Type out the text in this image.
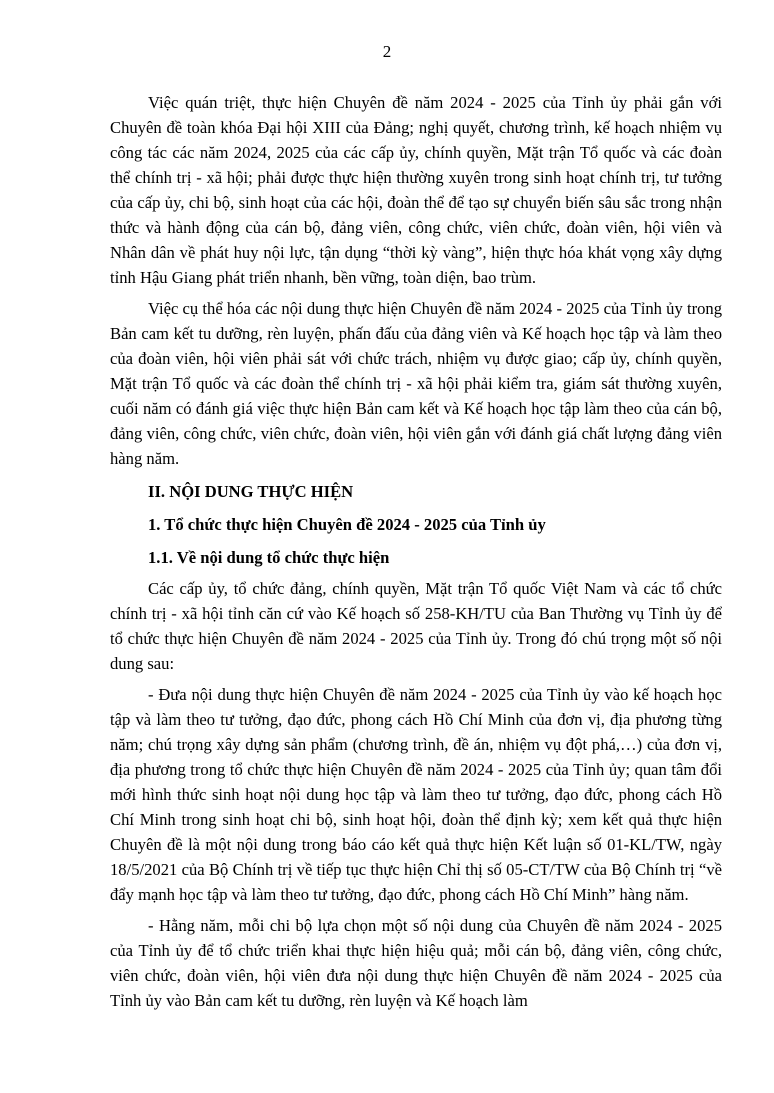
2

Việc quán triệt, thực hiện Chuyên đề năm 2024 - 2025 của Tỉnh ủy phải gắn với Chuyên đề toàn khóa Đại hội XIII của Đảng; nghị quyết, chương trình, kế hoạch nhiệm vụ công tác các năm 2024, 2025 của các cấp ủy, chính quyền, Mặt trận Tổ quốc và các đoàn thể chính trị - xã hội; phải được thực hiện thường xuyên trong sinh hoạt chính trị, tư tưởng của cấp ủy, chi bộ, sinh hoạt của các hội, đoàn thể để tạo sự chuyển biến sâu sắc trong nhận thức và hành động của cán bộ, đảng viên, công chức, viên chức, đoàn viên, hội viên và Nhân dân về phát huy nội lực, tận dụng “thời kỳ vàng”, hiện thực hóa khát vọng xây dựng tỉnh Hậu Giang phát triển nhanh, bền vững, toàn diện, bao trùm.

Việc cụ thể hóa các nội dung thực hiện Chuyên đề năm 2024 - 2025 của Tỉnh ủy trong Bản cam kết tu dưỡng, rèn luyện, phấn đấu của đảng viên và Kế hoạch học tập và làm theo của đoàn viên, hội viên phải sát với chức trách, nhiệm vụ được giao; cấp ủy, chính quyền, Mặt trận Tổ quốc và các đoàn thể chính trị - xã hội phải kiểm tra, giám sát thường xuyên, cuối năm có đánh giá việc thực hiện Bản cam kết và Kế hoạch học tập làm theo của cán bộ, đảng viên, công chức, viên chức, đoàn viên, hội viên gắn với đánh giá chất lượng đảng viên hàng năm.

II. NỘI DUNG THỰC HIỆN
1. Tổ chức thực hiện Chuyên đề 2024 - 2025 của Tỉnh ủy
1.1. Về nội dung tổ chức thực hiện

Các cấp ủy, tổ chức đảng, chính quyền, Mặt trận Tổ quốc Việt Nam và các tổ chức chính trị - xã hội tỉnh căn cứ vào Kế hoạch số 258-KH/TU của Ban Thường vụ Tỉnh ủy để tổ chức thực hiện Chuyên đề năm 2024 - 2025 của Tỉnh ủy. Trong đó chú trọng một số nội dung sau:

- Đưa nội dung thực hiện Chuyên đề năm 2024 - 2025 của Tỉnh ủy vào kế hoạch học tập và làm theo tư tưởng, đạo đức, phong cách Hồ Chí Minh của đơn vị, địa phương từng năm; chú trọng xây dựng sản phẩm (chương trình, đề án, nhiệm vụ đột phá,…) của đơn vị, địa phương trong tổ chức thực hiện Chuyên đề năm 2024 - 2025 của Tỉnh ủy; quan tâm đổi mới hình thức sinh hoạt nội dung học tập và làm theo tư tưởng, đạo đức, phong cách Hồ Chí Minh trong sinh hoạt chi bộ, sinh hoạt hội, đoàn thể định kỳ; xem kết quả thực hiện Chuyên đề là một nội dung trong báo cáo kết quả thực hiện Kết luận số 01-KL/TW, ngày 18/5/2021 của Bộ Chính trị về tiếp tục thực hiện Chỉ thị số 05-CT/TW của Bộ Chính trị “về đẩy mạnh học tập và làm theo tư tưởng, đạo đức, phong cách Hồ Chí Minh” hàng năm.

- Hằng năm, mỗi chi bộ lựa chọn một số nội dung của Chuyên đề năm 2024 - 2025 của Tỉnh ủy để tổ chức triển khai thực hiện hiệu quả; mỗi cán bộ, đảng viên, công chức, viên chức, đoàn viên, hội viên đưa nội dung thực hiện Chuyên đề năm 2024 - 2025 của Tỉnh ủy vào Bản cam kết tu dưỡng, rèn luyện và Kế hoạch làm
